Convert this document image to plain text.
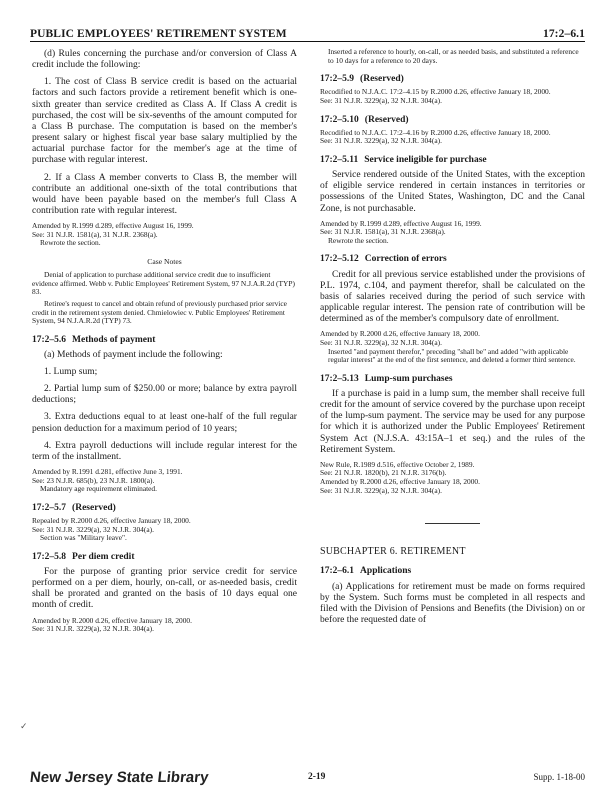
PUBLIC EMPLOYEES' RETIREMENT SYSTEM	17:2–6.1

(d) Rules concerning the purchase and/or conversion of Class A credit include the following:

1. The cost of Class B service credit is based on the actuarial factors and such factors provide a retirement benefit which is one-sixth greater than service credited as Class A. If Class A credit is purchased, the cost will be six-sevenths of the amount computed for a Class B purchase. The computation is based on the member's present salary or highest fiscal year base salary multiplied by the actuarial purchase factor for the member's age at the time of purchase with regular interest.

2. If a Class A member converts to Class B, the member will contribute an additional one-sixth of the total contributions that would have been payable based on the member's full Class A contribution rate with regular interest.

Amended by R.1999 d.289, effective August 16, 1999.

See: 31 N.J.R. 1581(a), 31 N.J.R. 2368(a).

Rewrote the section.

Case Notes

Denial of application to purchase additional service credit due to insufficient evidence affirmed. Webb v. Public Employees' Retirement System, 97 N.J.A.R.2d (TYP) 83.

Retiree's request to cancel and obtain refund of previously purchased prior service credit in the retirement system denied. Chmielowiec v. Public Employees' Retirement System, 94 N.J.A.R.2d (TYP) 73.

17:2–5.6 Methods of payment

(a) Methods of payment include the following:

1. Lump sum;

2. Partial lump sum of $250.00 or more; balance by extra payroll deductions;

3. Extra deductions equal to at least one-half of the full regular pension deduction for a maximum period of 10 years;

4. Extra payroll deductions will include regular interest for the term of the installment.

Amended by R.1991 d.281, effective June 3, 1991.

See: 23 N.J.R. 685(b), 23 N.J.R. 1800(a).

Mandatory age requirement eliminated.

17:2–5.7 (Reserved)

Repealed by R.2000 d.26, effective January 18, 2000.

See: 31 N.J.R. 3229(a), 32 N.J.R. 304(a).

Section was "Military leave".

17:2–5.8 Per diem credit

For the purpose of granting prior service credit for service performed on a per diem, hourly, on-call, or as-needed basis, credit shall be prorated and granted on the basis of 10 days equal one month of credit.

Amended by R.2000 d.26, effective January 18, 2000.

See: 31 N.J.R. 3229(a), 32 N.J.R. 304(a).

Inserted a reference to hourly, on-call, or as needed basis, and substituted a reference to 10 days for a reference to 20 days.

17:2–5.9 (Reserved)

Recodified to N.J.A.C. 17:2–4.15 by R.2000 d.26, effective January 18, 2000.

See: 31 N.J.R. 3229(a), 32 N.J.R. 304(a).

17:2–5.10 (Reserved)

Recodified to N.J.A.C. 17:2–4.16 by R.2000 d.26, effective January 18, 2000.

See: 31 N.J.R. 3229(a), 32 N.J.R. 304(a).

17:2–5.11 Service ineligible for purchase

Service rendered outside of the United States, with the exception of eligible service rendered in certain instances in territories or possessions of the United States, Washington, DC and the Canal Zone, is not purchasable.

Amended by R.1999 d.289, effective August 16, 1999.

See: 31 N.J.R. 1581(a), 31 N.J.R. 2368(a).

Rewrote the section.

17:2–5.12 Correction of errors

Credit for all previous service established under the provisions of P.L. 1974, c.104, and payment therefor, shall be calculated on the basis of salaries received during the period of such service with applicable regular interest. The pension rate of contribution will be determined as of the member's compulsory date of enrollment.

Amended by R.2000 d.26, effective January 18, 2000.

See: 31 N.J.R. 3229(a), 32 N.J.R. 304(a).

Inserted "and payment therefor," preceding "shall be" and added "with applicable regular interest" at the end of the first sentence, and deleted a former third sentence.

17:2–5.13 Lump-sum purchases

If a purchase is paid in a lump sum, the member shall receive full credit for the amount of service covered by the purchase upon receipt of the lump-sum payment. The service may be used for any purpose for which it is authorized under the Public Employees' Retirement System Act (N.J.S.A. 43:15A–1 et seq.) and the rules of the Retirement System.

New Rule, R.1989 d.516, effective October 2, 1989.

See: 21 N.J.R. 1820(b), 21 N.J.R. 3176(b).

Amended by R.2000 d.26, effective January 18, 2000.

See: 31 N.J.R. 3229(a), 32 N.J.R. 304(a).

SUBCHAPTER 6. RETIREMENT
17:2–6.1 Applications

(a) Applications for retirement must be made on forms required by the System. Such forms must be completed in all respects and filed with the Division of Pensions and Benefits (the Division) on or before the requested date of

✓
New Jersey State Library	2-19	Supp. 1-18-00
